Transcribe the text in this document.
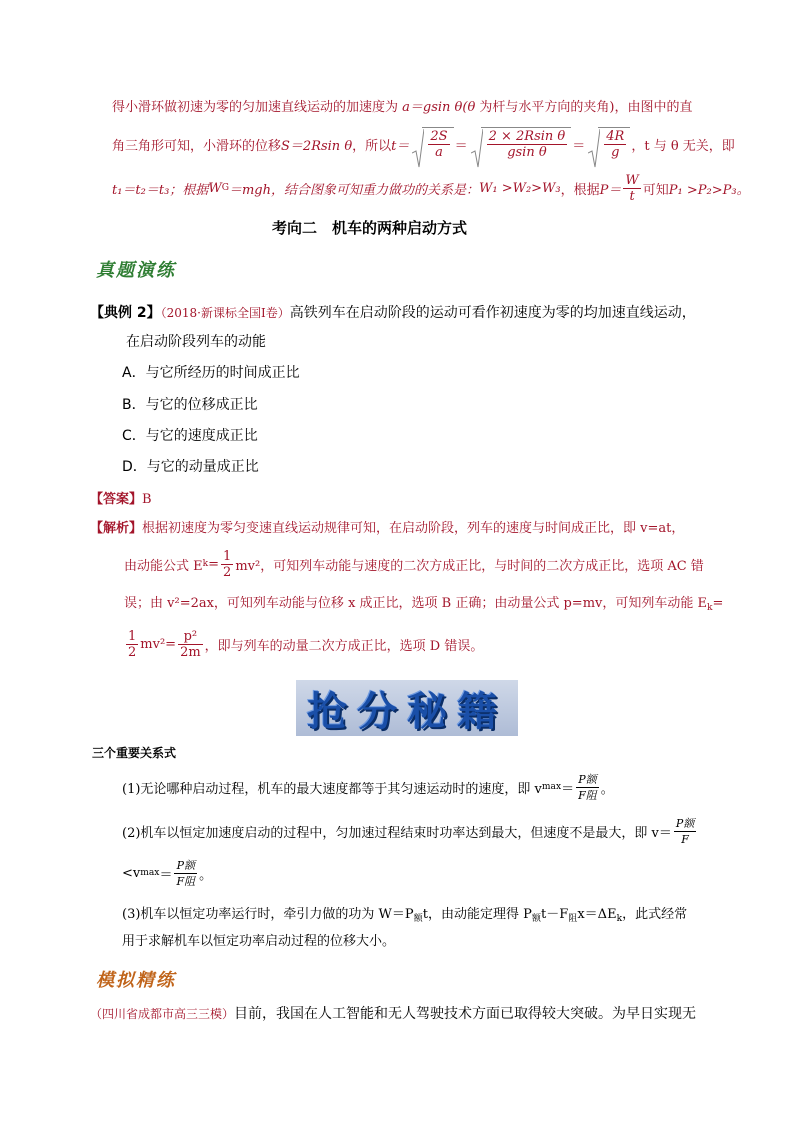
得小滑环做初速为零的匀加速直线运动的加速度为 a＝gsin θ(θ 为杆与水平方向的夹角)，由图中的直
角三角形可知，小滑环的位移 S＝2Rsin θ ，所以 $t= \frac{2S}{a} = \frac{\text{2 × 2Rsin θ}}{\text{gsin θ}} = \frac{4R}{g}$ ，t 与 θ 无关，即
t₁＝t₂＝t₃；根据 W G ＝mgh，结合图象可知重力做功的关系是： W₁ >W₂>W₃ ，根据 $P= \frac{W}{t}$ 可知 P₁ >P₂>P₃。
考向二　机车的两种启动方式
真题演练
【典例 2】（2018·新课标全国Ⅰ卷）高铁列车在启动阶段的运动可看作初速度为零的均加速直线运动，
在启动阶段列车的动能
A．与它所经历的时间成正比
B．与它的位移成正比
C．与它的速度成正比
D．与它的动量成正比
【答案】B
【解析】根据初速度为零匀变速直线运动规律可知，在启动阶段，列车的速度与时间成正比，即 v=at，
由动能公式 E $k = \frac{1}{2} mv^2$，可知列车动能与速度的二次方成正比，与时间的二次方成正比，选项 AC 错
误；由 v²=2ax，可知列车动能与位移 x 成正比，选项 B 正确；由动量公式 p=mv，可知列车动能 $E_k=$
$\frac{1}{2} mv^2= \frac{\text{p²}}{2m}$ ，即与列车的动量二次方成正比，选项 D 错误。
抢分秘籍
三个重要关系式
(1)无论哪种启动过程，机车的最大速度都等于其匀速运动时的速度，即 v $\max = \frac{\text{P额}}{\text{F阻}}$ 。
(2)机车以恒定加速度启动的过程中，匀加速过程结束时功率达到最大，但速度不是最大，即 $v= \frac{\text{P额}}{F}$
<v $\max = \frac{\text{P额}}{\text{F阻}}$ 。
(3)机车以恒定功率运行时，牵引力做的功为 $W=P_额t$，由动能定理得 $P_额t-F_阻x=\Delta E_k$，此式经常
用于求解机车以恒定功率启动过程的位移大小。
模拟精练
（四川省成都市高三三模）目前，我国在人工智能和无人驾驶技术方面已取得较大突破。为早日实现无
